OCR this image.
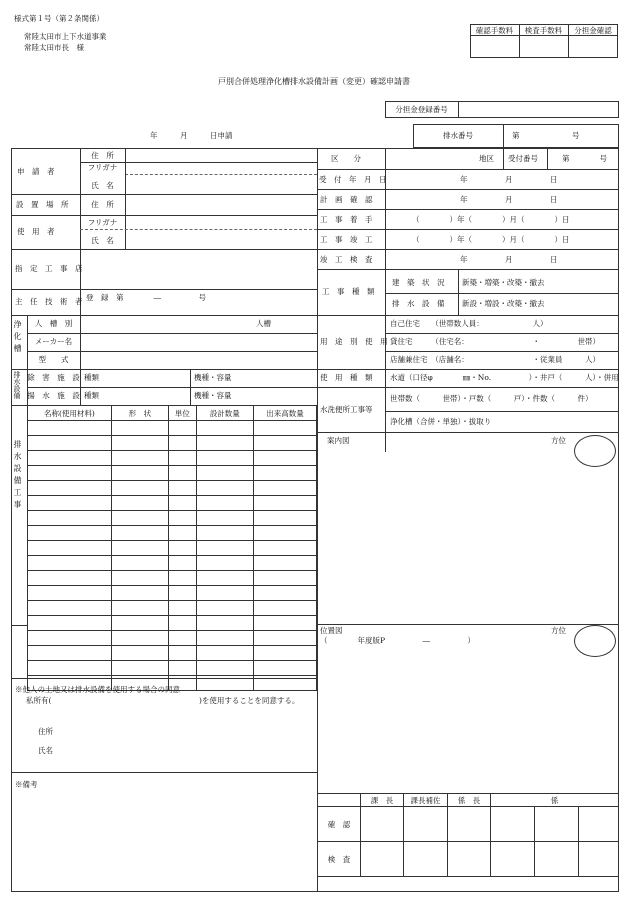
様式第１号（第２条関係）
常陸太田市上下水道事業
常陸太田市長　様
確認手数料	検査手数料	分担金確認
戸別合併処理浄化槽排水設備計画（変更）確認申請書
分担金登録番号
年　　　月　　　日申請	排水番号	第　　　　　　　号
申　請　者
住　所
フリガナ
氏　名
設　置　場　所	住　所
使　用　者
フリガナ
氏　名
指　定　工　事　店
主　任　技　術　者 登　録　第　　　　―　　　　　号
浄化槽	人　槽　別	人槽
メーカー名
型　　式
排水設備 除　害　施　設 種類	機種・容量
揚　水　施　設 種類	機種・容量
排水設備工事
名称(使用材料)	形　状	単位	設計数量	出来高数量

※他人の土地又は排水設備を使用する場合の同意
私所有(	)を使用することを同意する。
住所
氏名
※備考
区　　分	地区 受付番号	第　　　　号
受　付　年　月　日	年　　　　　月　　　　　日
計　画　確　認	年　　　　　月　　　　　日
工　事　着　手	（　　　　）年（　　　　）月（　　　　）日
工　事　竣　工	（　　　　）年（　　　　）月（　　　　）日
竣　工　検　査	年　　　　　月　　　　　日
工　事　種　類
建　築　状　況 新築・増築・改築・撤去
排　水　設　備 新設・増設・改築・撤去
用　途　別　使　用
自己住宅　　（世帯数人員：　　　　　　　人）
貸住宅　　　（住宅名：　　　　　　　　　・　　　　　世帯）
店舗兼住宅　（店舗名：　　　　　　　　　・従業員　　　人）
使　用　種　類 水道（口径φ　　　　㎜・No.　　　　　）・井戸（　　　人）・併用
水洗便所工事等
世帯数（　　　世帯）・戸数（　　　戸）・件数（　　　件）
浄化槽（合併・単独）・拔取り
案内図	方位
位置図
（　　　　年度版P　　　　　―　　　　　）
方位
	課　長	課長補佐	係　長	係		
確　認						
検　査						
